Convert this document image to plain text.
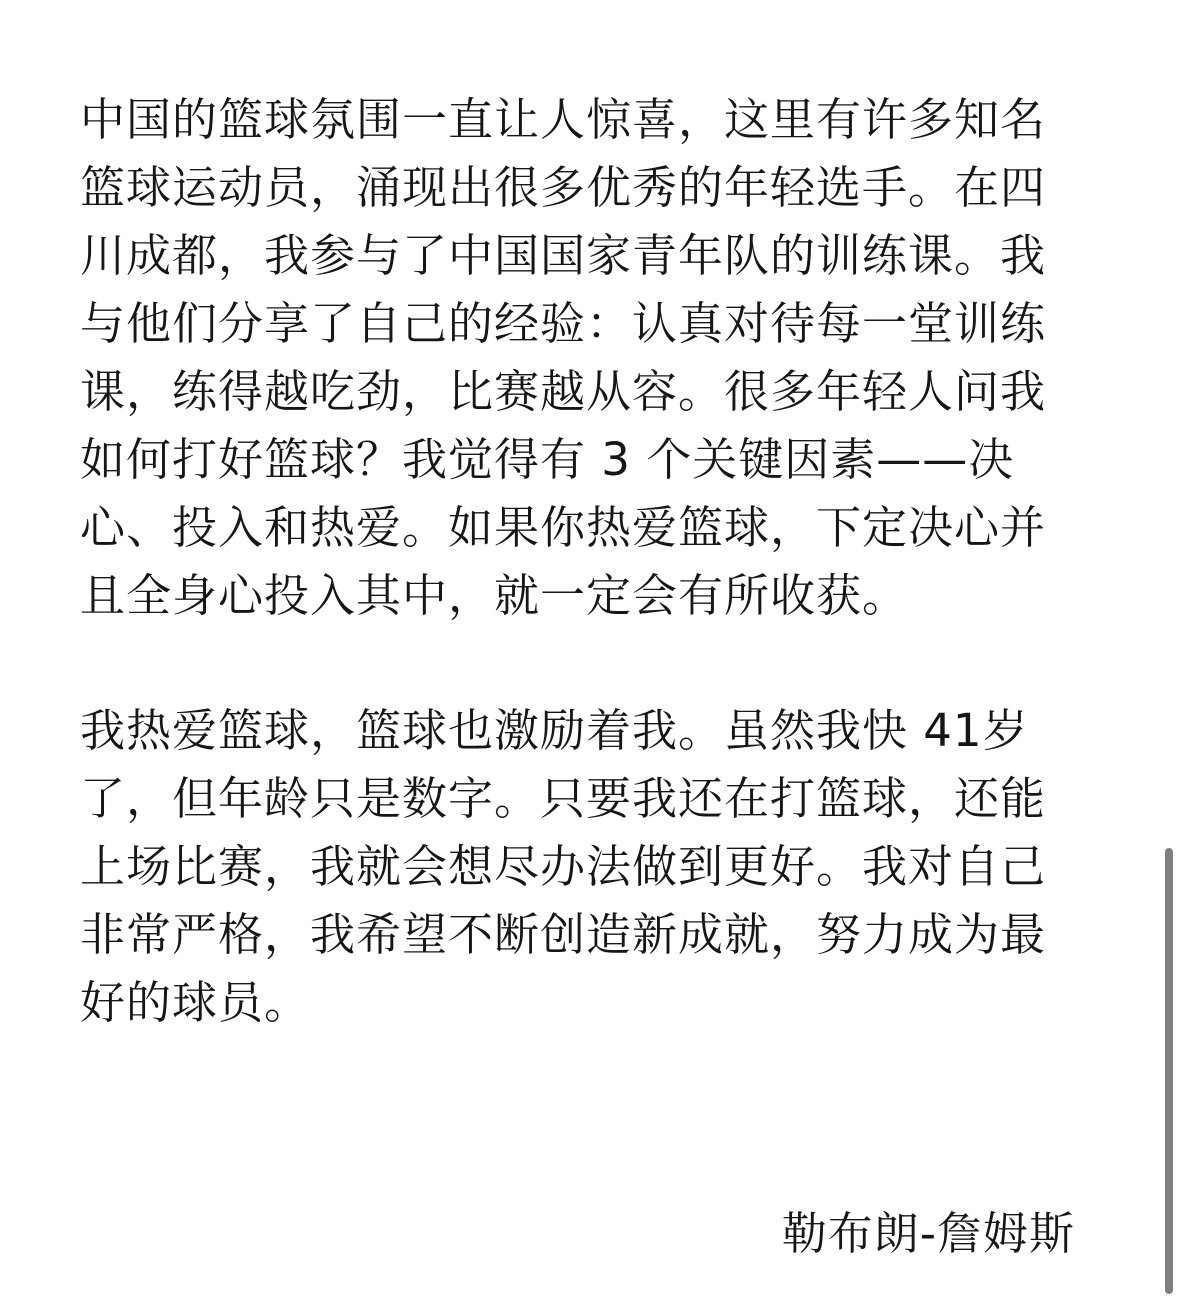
中国的篮球氛围一直让人惊喜，这里有许多知名
篮球运动员，涌现出很多优秀的年轻选手。在四
川成都，我参与了中国国家青年队的训练课。我
与他们分享了自己的经验：认真对待每一堂训练
课，练得越吃劲，比赛越从容。很多年轻人问我
如何打好篮球？我觉得有 3 个关键因素——决
心、投入和热爱。如果你热爱篮球，下定决心并
且全身心投入其中，就一定会有所收获。

我热爱篮球，篮球也激励着我。虽然我快 41岁
了，但年龄只是数字。只要我还在打篮球，还能
上场比赛，我就会想尽办法做到更好。我对自己
非常严格，我希望不断创造新成就，努力成为最
好的球员。

勒布朗-詹姆斯
